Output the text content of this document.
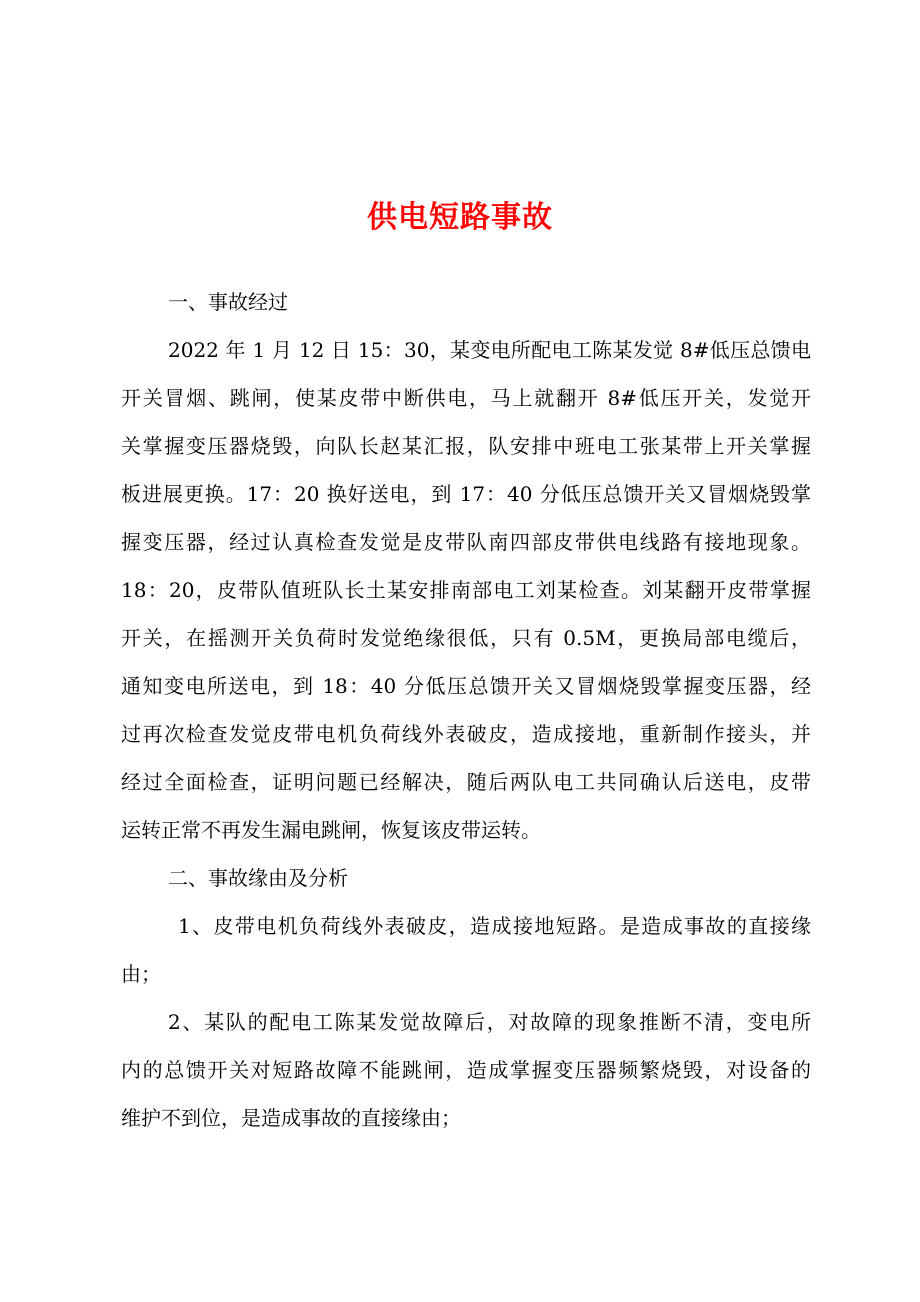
供电短路事故
一、事故经过
2022 年 1 月 12 日 15：30，某变电所配电工陈某发觉 8#低压总馈电
开关冒烟、跳闸，使某皮带中断供电，马上就翻开 8#低压开关，发觉开
关掌握变压器烧毁，向队长赵某汇报，队安排中班电工张某带上开关掌握
板进展更换。17：20 换好送电，到 17：40 分低压总馈开关又冒烟烧毁掌
握变压器，经过认真检查发觉是皮带队南四部皮带供电线路有接地现象。
18：20，皮带队值班队长土某安排南部电工刘某检查。刘某翻开皮带掌握
开关，在摇测开关负荷时发觉绝缘很低，只有 0.5M，更换局部电缆后，
通知变电所送电，到 18：40 分低压总馈开关又冒烟烧毁掌握变压器，经
过再次检查发觉皮带电机负荷线外表破皮，造成接地，重新制作接头，并
经过全面检查，证明问题已经解决，随后两队电工共同确认后送电，皮带
运转正常不再发生漏电跳闸，恢复该皮带运转。
二、事故缘由及分析
1、皮带电机负荷线外表破皮，造成接地短路。是造成事故的直接缘
由；
2、某队的配电工陈某发觉故障后，对故障的现象推断不清，变电所
内的总馈开关对短路故障不能跳闸，造成掌握变压器频繁烧毁，对设备的
维护不到位，是造成事故的直接缘由；
